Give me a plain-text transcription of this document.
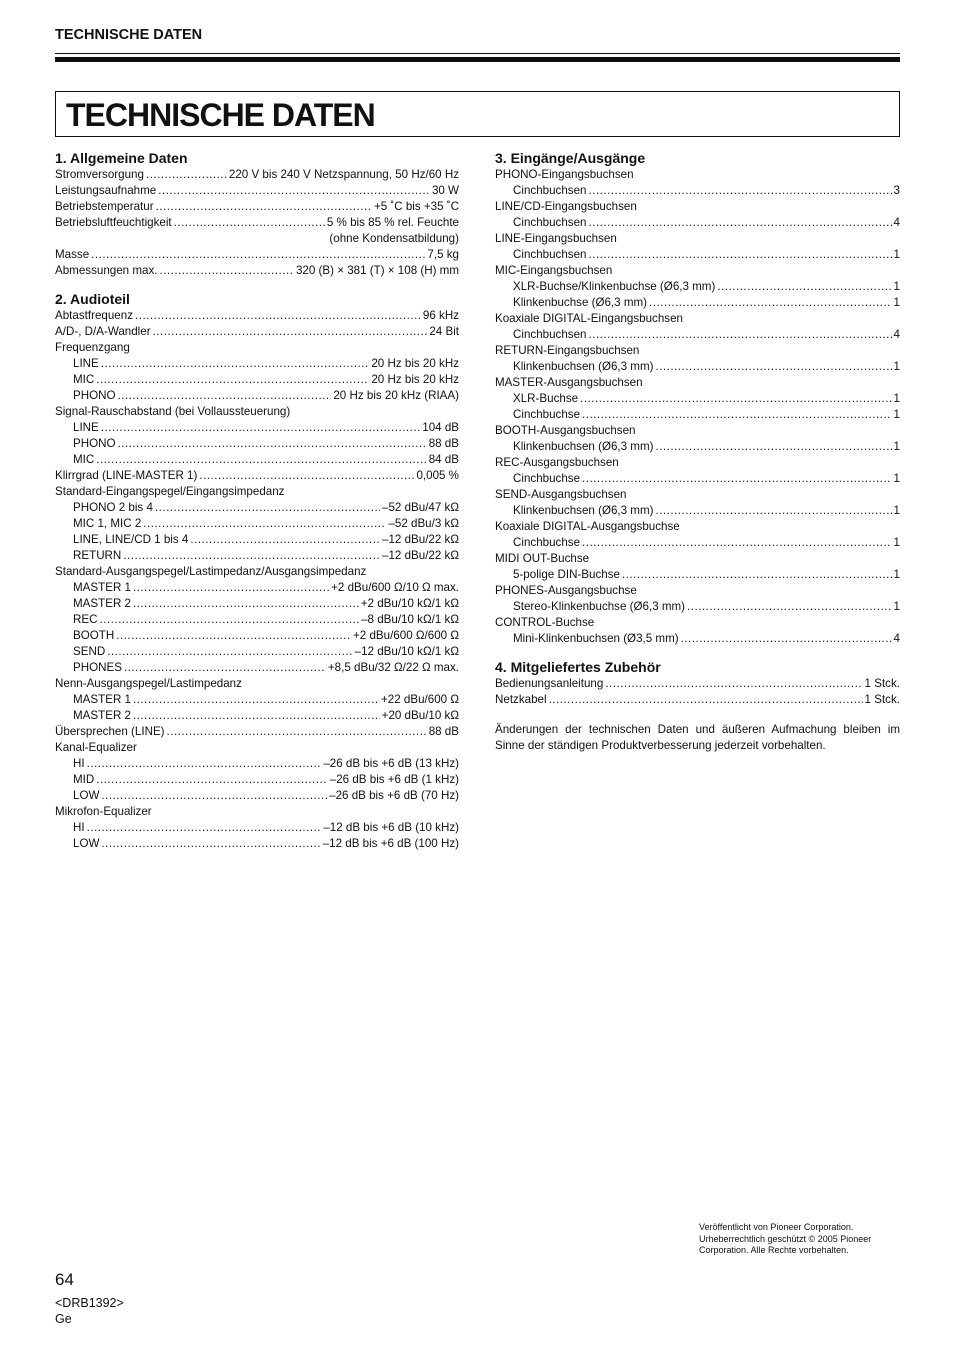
TECHNISCHE DATEN
TECHNISCHE DATEN
1. Allgemeine Daten
Stromversorgung .....	220 V bis 240 V Netzspannung, 50 Hz/60 Hz
Leistungsaufnahme .....	30 W
Betriebstemperatur .....	+5 ˚C bis +35 ˚C
Betriebsluftfeuchtigkeit .....	5 % bis 85 % rel. Feuchte
(ohne Kondensatbildung)
Masse .....	7,5 kg
Abmessungen max. .....	320 (B) × 381 (T) × 108 (H) mm
2. Audioteil
Abtastfrequenz .....	96 kHz
A/D-, D/A-Wandler .....	24 Bit
Frequenzgang
LINE .....	20 Hz bis 20 kHz
MIC .....	20 Hz bis 20 kHz
PHONO .....	20 Hz bis 20 kHz (RIAA)
Signal-Rauschabstand (bei Vollaussteuerung)
LINE .....	104 dB
PHONO .....	88 dB
MIC .....	84 dB
Klirrgrad (LINE-MASTER 1) .....	0,005 %
Standard-Eingangspegel/Eingangsimpedanz
PHONO 2 bis 4 .....	–52 dBu/47 kΩ
MIC 1, MIC 2 .....	–52 dBu/3 kΩ
LINE, LINE/CD 1 bis 4 .....	–12 dBu/22 kΩ
RETURN .....	–12 dBu/22 kΩ
Standard-Ausgangspegel/Lastimpedanz/Ausgangsimpedanz
MASTER 1 .....	+2 dBu/600 Ω/10 Ω max.
MASTER 2 .....	+2 dBu/10 kΩ/1 kΩ
REC .....	–8 dBu/10 kΩ/1 kΩ
BOOTH .....	+2 dBu/600 Ω/600 Ω
SEND .....	–12 dBu/10 kΩ/1 kΩ
PHONES .....	+8,5 dBu/32 Ω/22 Ω max.
Nenn-Ausgangspegel/Lastimpedanz
MASTER 1 .....	+22 dBu/600 Ω
MASTER 2 .....	+20 dBu/10 kΩ
Übersprechen (LINE) .....	88 dB
Kanal-Equalizer
HI .....	–26 dB bis +6 dB (13 kHz)
MID .....	–26 dB bis +6 dB (1 kHz)
LOW .....	–26 dB bis +6 dB (70 Hz)
Mikrofon-Equalizer
HI .....	–12 dB bis +6 dB (10 kHz)
LOW .....	–12 dB bis +6 dB (100 Hz)
3. Eingänge/Ausgänge
PHONO-Eingangsbuchsen
Cinchbuchsen .....	3
LINE/CD-Eingangsbuchsen
Cinchbuchsen .....	4
LINE-Eingangsbuchsen
Cinchbuchsen .....	1
MIC-Eingangsbuchsen
XLR-Buchse/Klinkenbuchse (Ø6,3 mm) .....	1
Klinkenbuchse (Ø6,3 mm) .....	1
Koaxiale DIGITAL-Eingangsbuchsen
Cinchbuchsen .....	4
RETURN-Eingangsbuchsen
Klinkenbuchsen (Ø6,3 mm) .....	1
MASTER-Ausgangsbuchsen
XLR-Buchse .....	1
Cinchbuchse .....	1
BOOTH-Ausgangsbuchsen
Klinkenbuchsen (Ø6,3 mm) .....	1
REC-Ausgangsbuchsen
Cinchbuchse .....	1
SEND-Ausgangsbuchsen
Klinkenbuchsen (Ø6,3 mm) .....	1
Koaxiale DIGITAL-Ausgangsbuchse
Cinchbuchse .....	1
MIDI OUT-Buchse
5-polige DIN-Buchse .....	1
PHONES-Ausgangsbuchse
Stereo-Klinkenbuchse (Ø6,3 mm) .....	1
CONTROL-Buchse
Mini-Klinkenbuchsen (Ø3,5 mm) .....	4
4. Mitgeliefertes Zubehör
Bedienungsanleitung .....	1 Stck.
Netzkabel .....	1 Stck.
Änderungen der technischen Daten und äußeren Aufmachung bleiben im Sinne der ständigen Produktverbesserung jederzeit vorbehalten.
Veröffentlicht von Pioneer Corporation.
Urheberrechtlich geschützt © 2005 Pioneer
Corporation. Alle Rechte vorbehalten.
64
<DRB1392>
Ge
